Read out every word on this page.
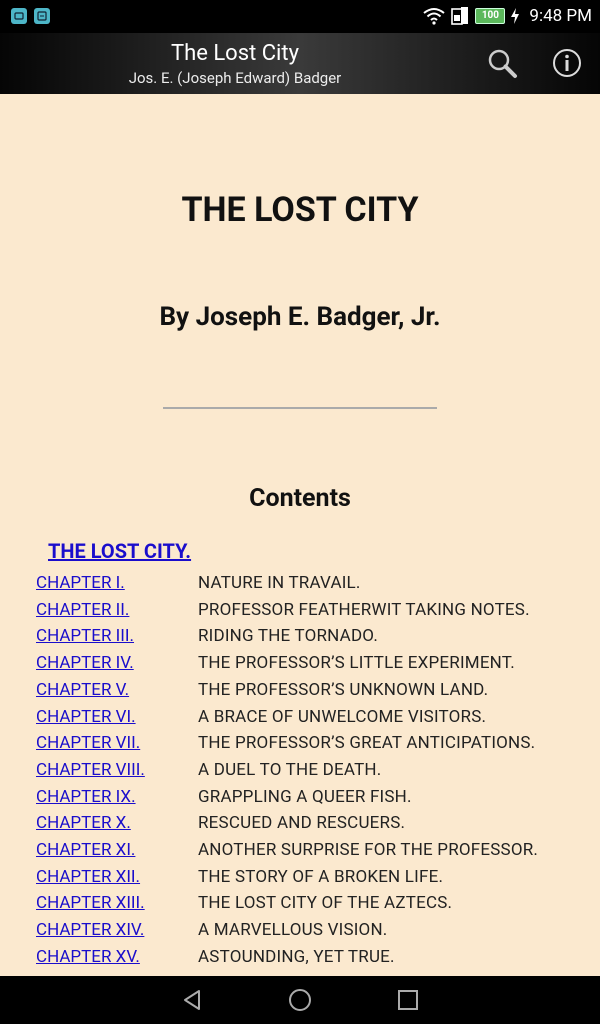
100	9:48 PM
The Lost City
Jos. E. (Joseph Edward) Badger
THE LOST CITY
By Joseph E. Badger, Jr.
Contents
THE LOST CITY.
CHAPTER I.	NATURE IN TRAVAIL.
CHAPTER II.	PROFESSOR FEATHERWIT TAKING NOTES.
CHAPTER III.	RIDING THE TORNADO.
CHAPTER IV.	THE PROFESSOR’S LITTLE EXPERIMENT.
CHAPTER V.	THE PROFESSOR’S UNKNOWN LAND.
CHAPTER VI.	A BRACE OF UNWELCOME VISITORS.
CHAPTER VII.	THE PROFESSOR’S GREAT ANTICIPATIONS.
CHAPTER VIII.	A DUEL TO THE DEATH.
CHAPTER IX.	GRAPPLING A QUEER FISH.
CHAPTER X.	RESCUED AND RESCUERS.
CHAPTER XI.	ANOTHER SURPRISE FOR THE PROFESSOR.
CHAPTER XII.	THE STORY OF A BROKEN LIFE.
CHAPTER XIII.	THE LOST CITY OF THE AZTECS.
CHAPTER XIV.	A MARVELLOUS VISION.
CHAPTER XV.	ASTOUNDING, YET TRUE.
